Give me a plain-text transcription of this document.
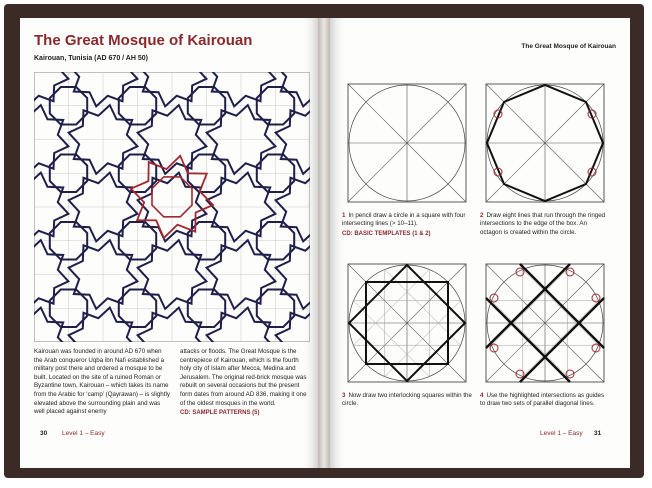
The Great Mosque of Kairouan
Kairouan, Tunisia (AD 670 / AH 50)
Kairouan was founded in around AD 670 when the Arab conqueror Uqba ibn Nafi established a military post there and ordered a mosque to be built. Located on the site of a ruined Roman or Byzantine town, Kairouan – which takes its name from the Arabic for ‘camp’ (Qayrawan) – is slightly elevated above the surrounding plain and was well placed against enemy
attacks or floods. The Great Mosque is the centrepiece of Kairouan, which is the fourth holy city of Islam after Mecca, Medina and Jerusalem. The original red-brick mosque was rebuilt on several occasions but the present form dates from around AD 836, making it one of the oldest mosques in the world.
CD: SAMPLE PATTERNS (5)
30 Level 1 – Easy
The Great Mosque of Kairouan
1 In pencil draw a circle in a square with four intersecting lines (> 10–11).
CD: BASIC TEMPLATES (1 & 2)
2 Draw eight lines that run through the ringed intersections to the edge of the box. An octagon is created within the circle.
3 Now draw two interlocking squares within the circle.
4 Use the highlighted intersections as guides to draw two sets of parallel diagonal lines.
Level 1 – Easy 31
